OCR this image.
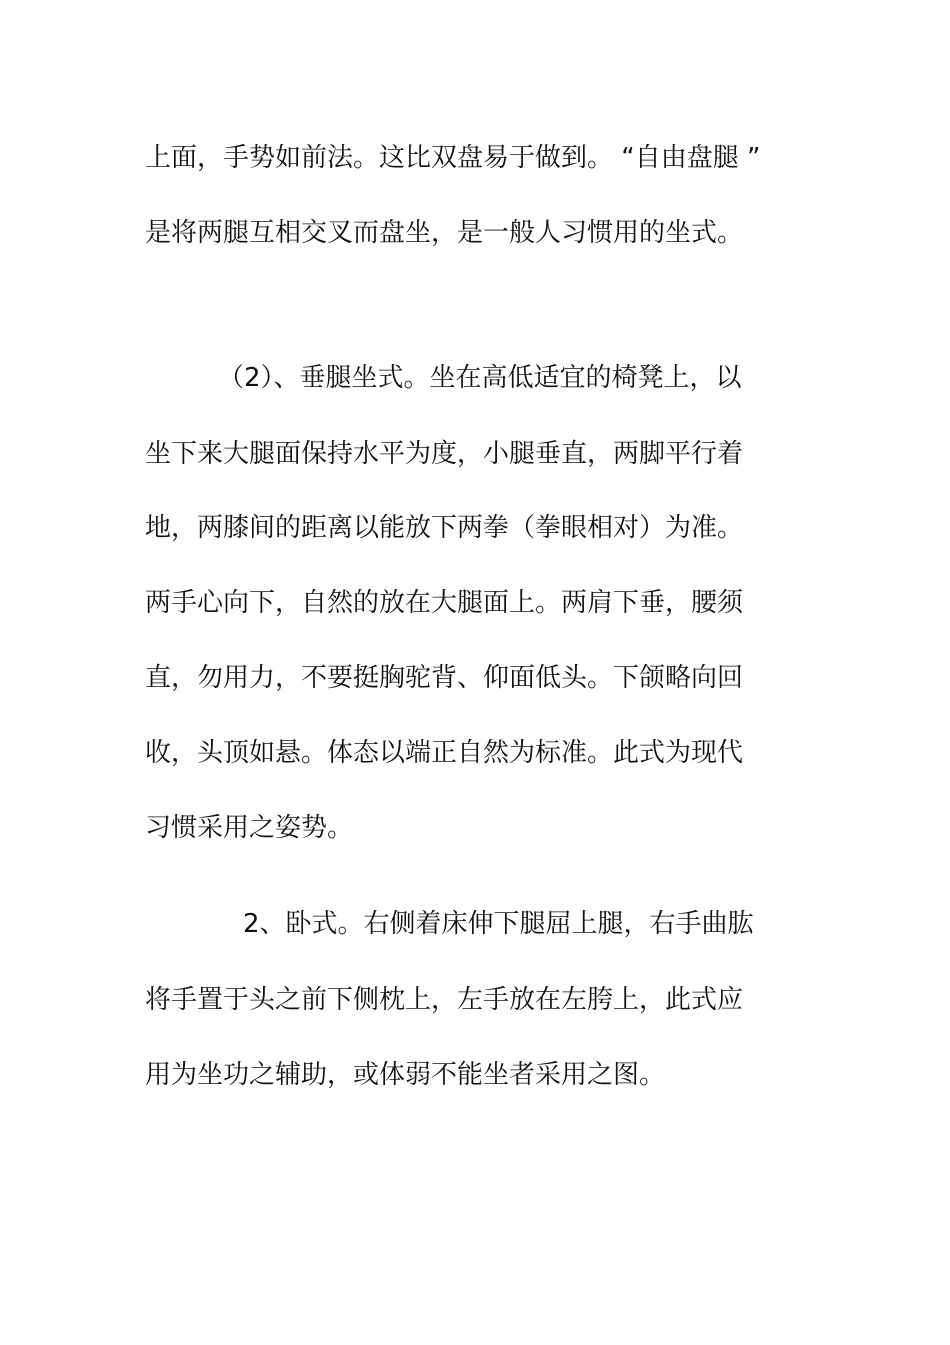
上面，手势如前法。这比双盘易于做到。 “自由盘腿 ”
是将两腿互相交叉而盘坐，是一般人习惯用的坐式。
（2）、垂腿坐式。坐在高低适宜的椅凳上，以
坐下来大腿面保持水平为度，小腿垂直，两脚平行着
地，两膝间的距离以能放下两拳（拳眼相对）为准。
两手心向下，自然的放在大腿面上。两肩下垂，腰须
直，勿用力，不要挺胸驼背、仰面低头。下颌略向回
收，头顶如悬。体态以端正自然为标准。此式为现代
习惯采用之姿势。
2、卧式。右侧着床伸下腿屈上腿，右手曲肱
将手置于头之前下侧枕上，左手放在左胯上，此式应
用为坐功之辅助，或体弱不能坐者采用之图。
